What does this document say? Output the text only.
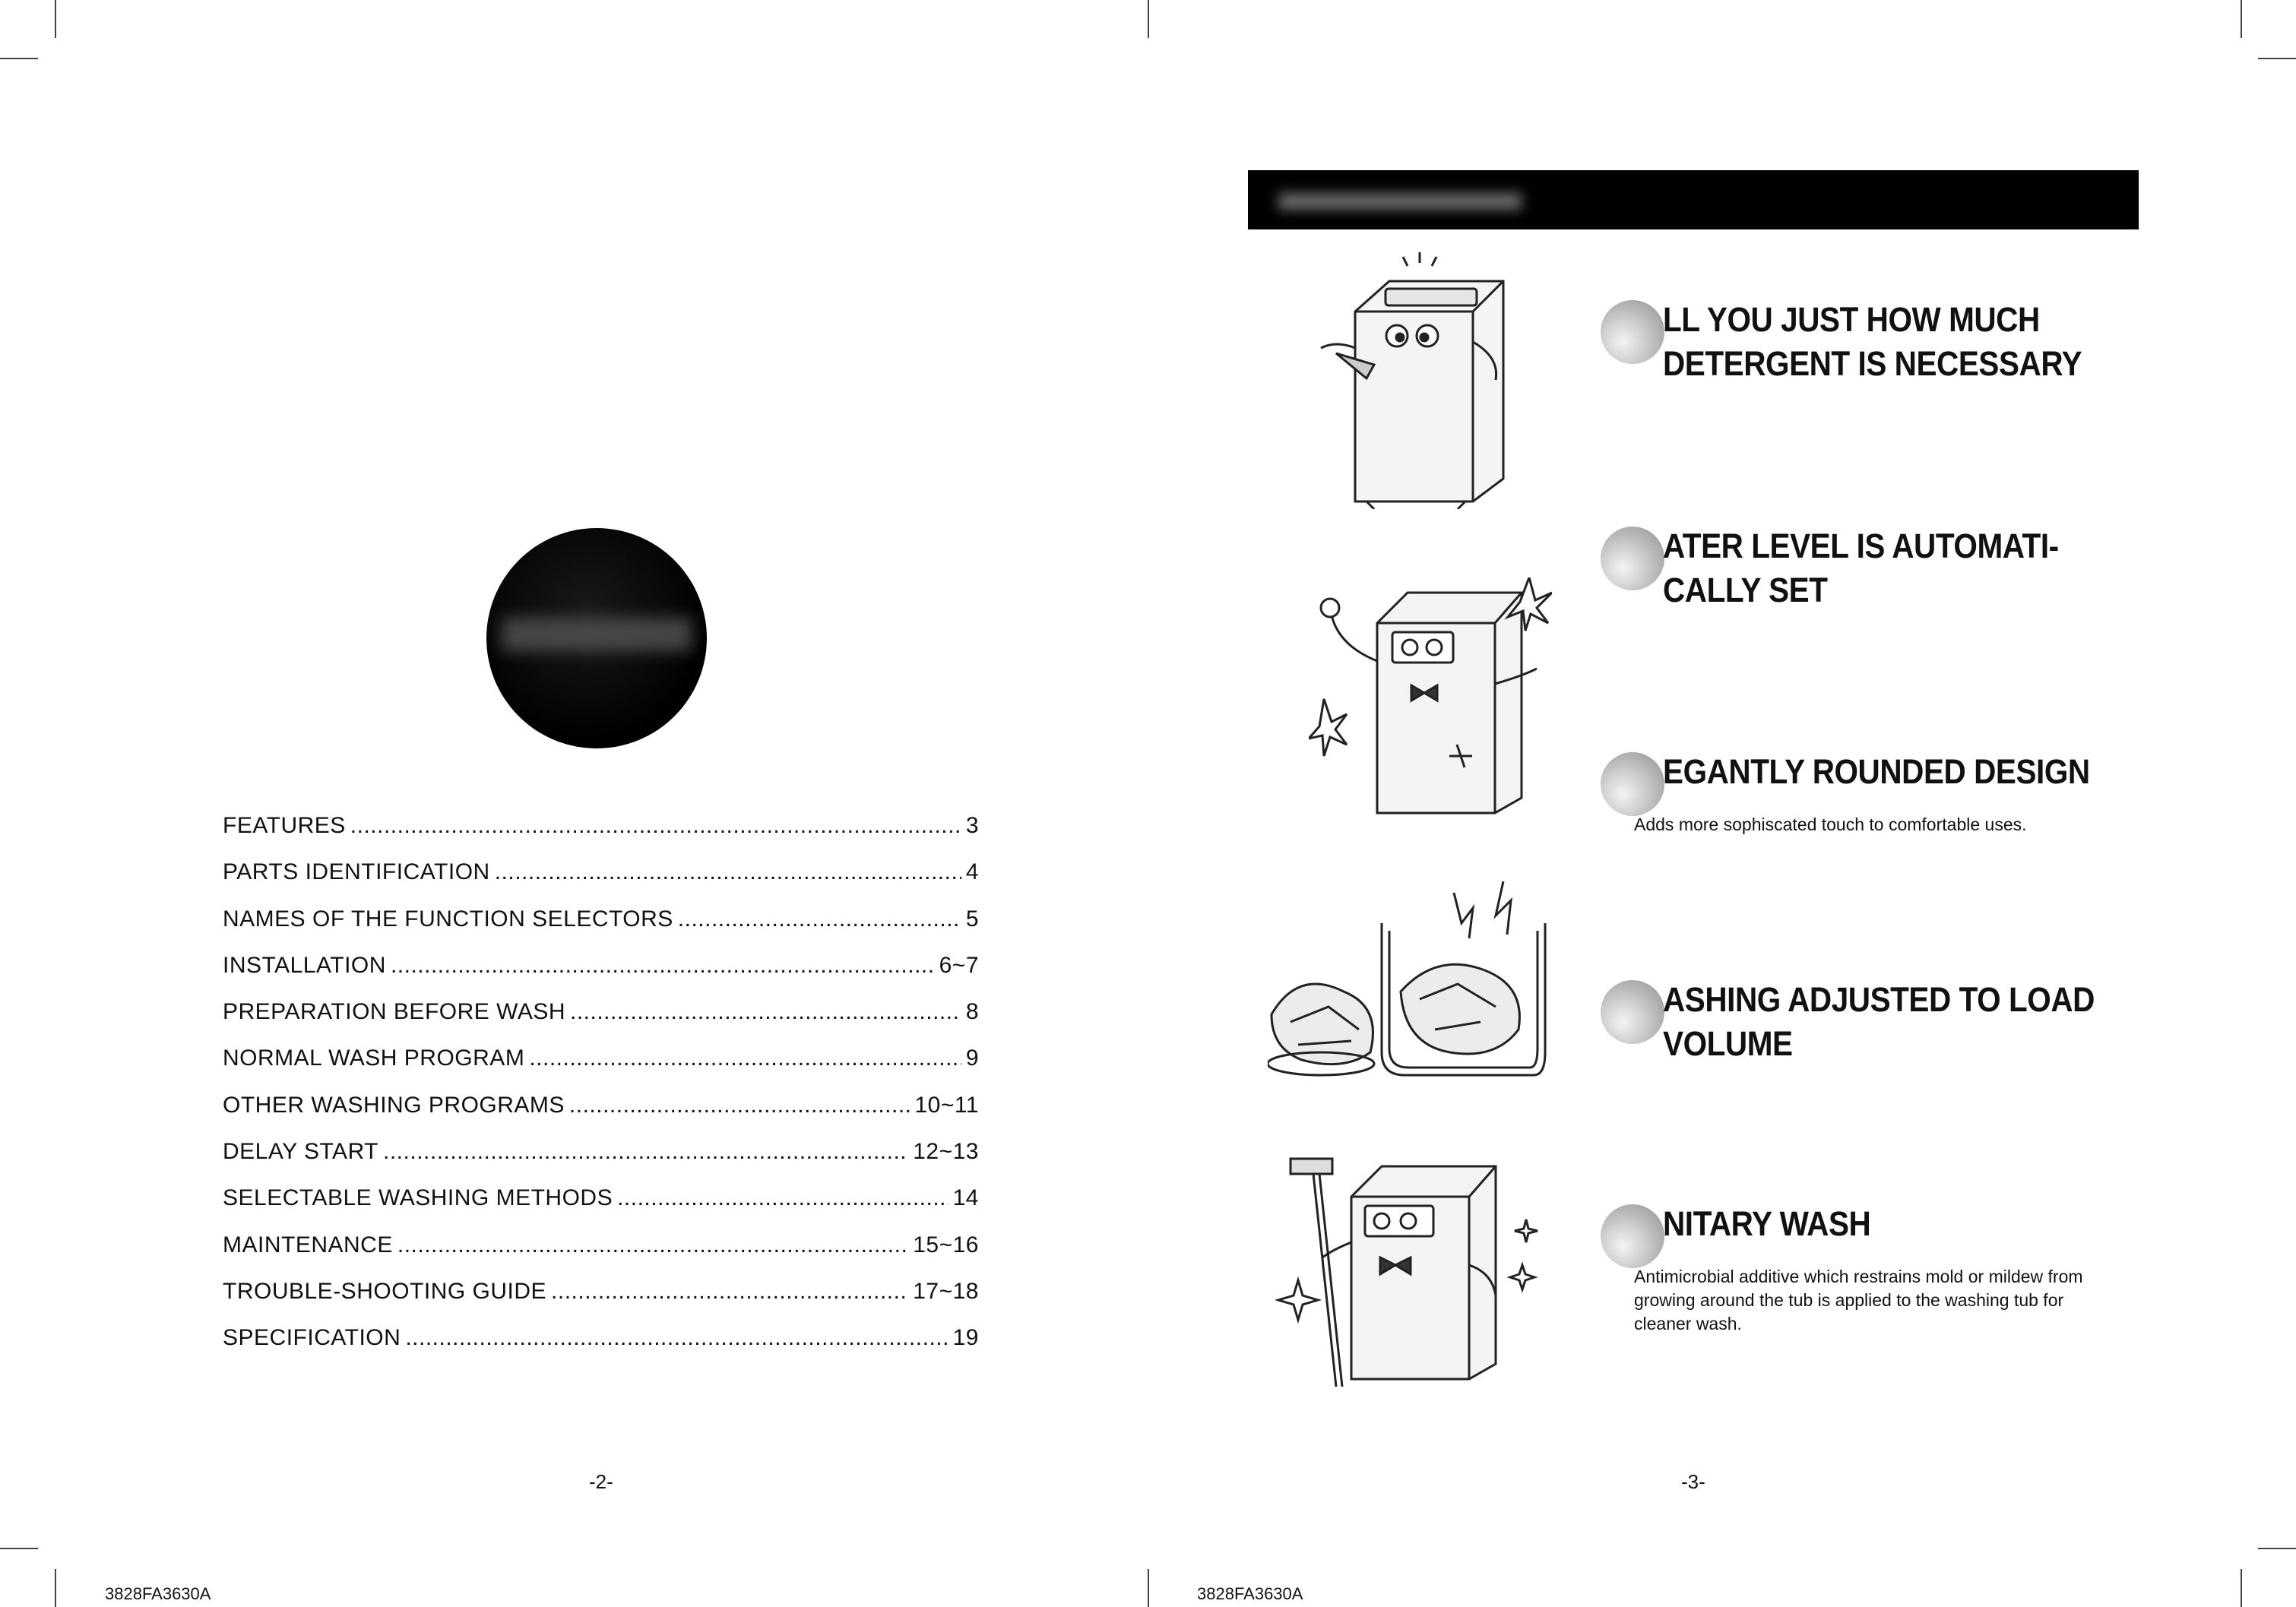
FEATURES .....	3
PARTS IDENTIFICATION .....	4
NAMES OF THE FUNCTION SELECTORS .....	5
INSTALLATION .....	6~7
PREPARATION BEFORE WASH .....	8
NORMAL WASH PROGRAM .....	9
OTHER WASHING PROGRAMS .....	10~11
DELAY START .....	12~13
SELECTABLE WASHING METHODS .....	14
MAINTENANCE .....	15~16
TROUBLE-SHOOTING GUIDE .....	17~18
SPECIFICATION .....	19
-2-
3828FA3630A
LL YOU JUST HOW MUCH
DETERGENT IS NECESSARY
ATER LEVEL IS AUTOMATI-
CALLY SET
EGANTLY ROUNDED DESIGN
Adds more sophiscated touch to comfortable uses.
ASHING ADJUSTED TO LOAD
VOLUME
NITARY WASH
Antimicrobial additive which restrains mold or mildew from
growing around the tub is applied to the washing tub for
cleaner wash.
-3-
3828FA3630A
